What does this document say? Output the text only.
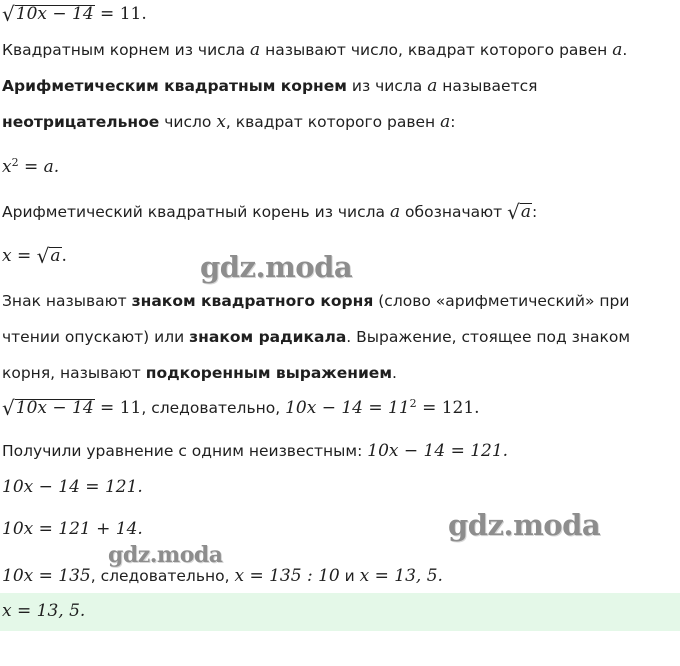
√10x − 14 = 11.
Квадратным корнем из числа a называют число, квадрат которого равен a.
Арифметическим квадратным корнем из числа a называется
неотрицательное число x, квадрат которого равен a:
$x^2 = a$.
Арифметический квадратный корень из числа a обозначают √a:
x = √a.
Знак называют знаком квадратного корня (слово «арифметический» при
чтении опускают) или знаком радикала. Выражение, стоящее под знаком
корня, называют подкоренным выражением.
√10x − 14 = 11, следовательно, $10x - 14 = 11^2 = 121$.
Получили уравнение с одним неизвестным: 10x − 14 = 121.
10x − 14 = 121.
10x = 121 + 14.
10x = 135, следовательно, x = 135 : 10 и x = 13, 5.
x = 13, 5.
gdz.moda
gdz.moda
gdz.moda
